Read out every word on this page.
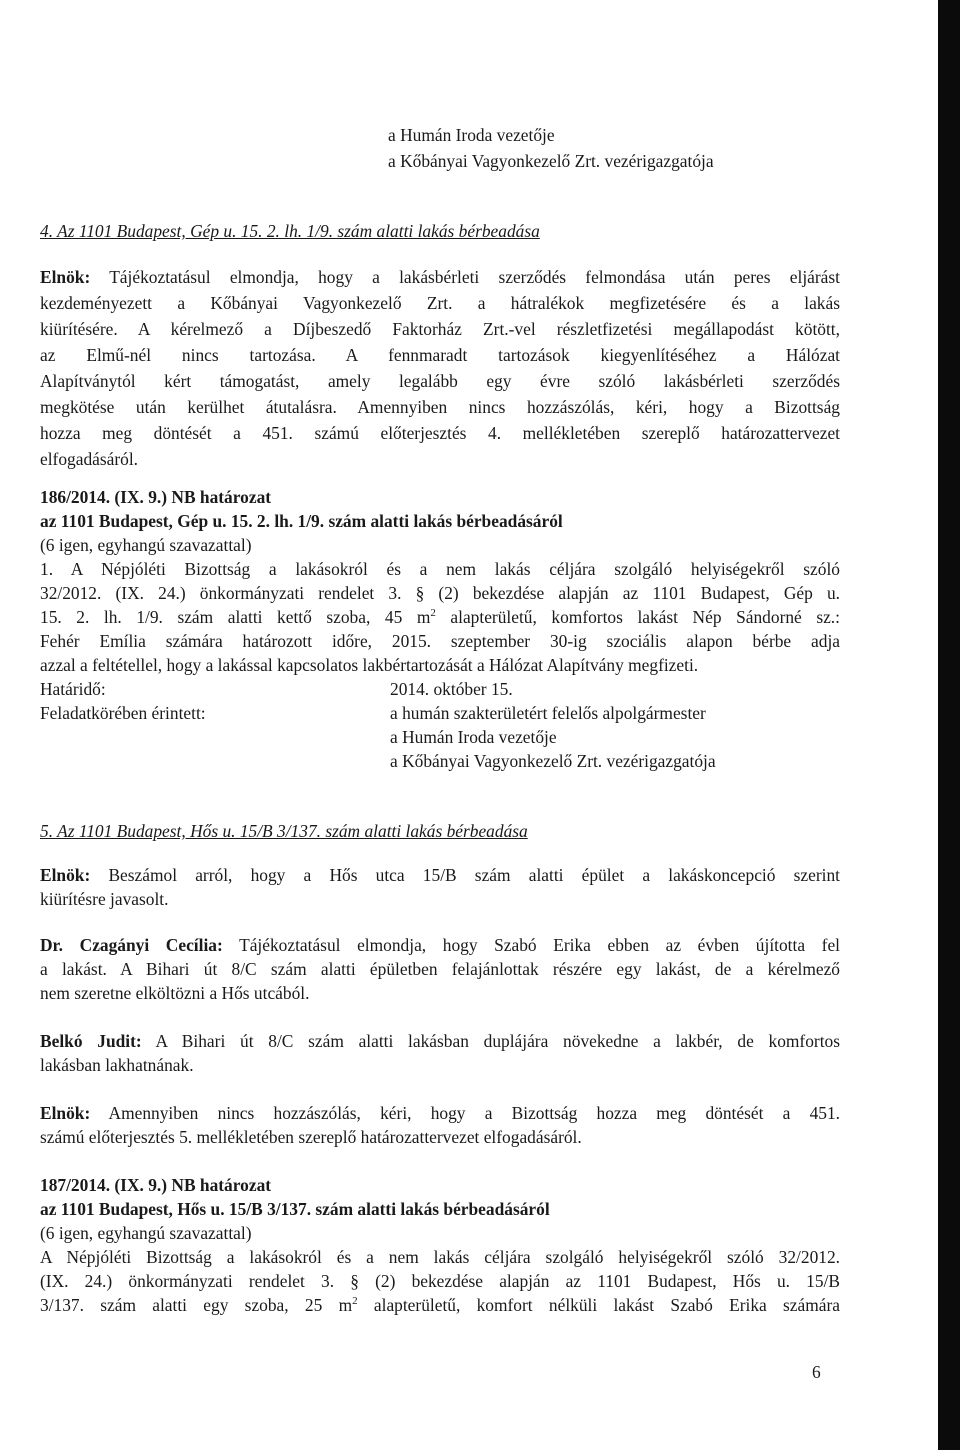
a Humán Iroda vezetője
a Kőbányai Vagyonkezelő Zrt. vezérigazgatója
4. Az 1101 Budapest, Gép u. 15. 2. lh. 1/9. szám alatti lakás bérbeadása
Elnök: Tájékoztatásul elmondja, hogy a lakásbérleti szerződés felmondása után peres eljárást
kezdeményezett a Kőbányai Vagyonkezelő Zrt. a hátralékok megfizetésére és a lakás
kiürítésére. A kérelmező a Díjbeszedő Faktorház Zrt.-vel részletfizetési megállapodást kötött,
az Elmű-nél nincs tartozása. A fennmaradt tartozások kiegyenlítéséhez a Hálózat
Alapítványtól kért támogatást, amely legalább egy évre szóló lakásbérleti szerződés
megkötése után kerülhet átutalásra. Amennyiben nincs hozzászólás, kéri, hogy a Bizottság
hozza meg döntését a 451. számú előterjesztés 4. mellékletében szereplő határozattervezet
elfogadásáról.
186/2014. (IX. 9.) NB határozat
az 1101 Budapest, Gép u. 15. 2. lh. 1/9. szám alatti lakás bérbeadásáról
(6 igen, egyhangú szavazattal)
1. A Népjóléti Bizottság a lakásokról és a nem lakás céljára szolgáló helyiségekről szóló
32/2012. (IX. 24.) önkormányzati rendelet 3. § (2) bekezdése alapján az 1101 Budapest, Gép u.
15. 2. lh. 1/9. szám alatti kettő szoba, 45 $m^2$ alapterületű, komfortos lakást Nép Sándorné sz.:
Fehér Emília számára határozott időre, 2015. szeptember 30-ig szociális alapon bérbe adja
azzal a feltétellel, hogy a lakással kapcsolatos lakbértartozását a Hálózat Alapítvány megfizeti.
Határidő:	2014. október 15.
Feladatkörében érintett:	a humán szakterületért felelős alpolgármester
a Humán Iroda vezetője
a Kőbányai Vagyonkezelő Zrt. vezérigazgatója
5. Az 1101 Budapest, Hős u. 15/B 3/137. szám alatti lakás bérbeadása
Elnök: Beszámol arról, hogy a Hős utca 15/B szám alatti épület a lakáskoncepció szerint
kiürítésre javasolt.
Dr. Czagányi Cecília: Tájékoztatásul elmondja, hogy Szabó Erika ebben az évben újította fel
a lakást. A Bihari út 8/C szám alatti épületben felajánlottak részére egy lakást, de a kérelmező
nem szeretne elköltözni a Hős utcából.
Belkó Judit: A Bihari út 8/C szám alatti lakásban duplájára növekedne a lakbér, de komfortos
lakásban lakhatnának.
Elnök: Amennyiben nincs hozzászólás, kéri, hogy a Bizottság hozza meg döntését a 451.
számú előterjesztés 5. mellékletében szereplő határozattervezet elfogadásáról.
187/2014. (IX. 9.) NB határozat
az 1101 Budapest, Hős u. 15/B 3/137. szám alatti lakás bérbeadásáról
(6 igen, egyhangú szavazattal)
A Népjóléti Bizottság a lakásokról és a nem lakás céljára szolgáló helyiségekről szóló 32/2012.
(IX. 24.) önkormányzati rendelet 3. § (2) bekezdése alapján az 1101 Budapest, Hős u. 15/B
3/137. szám alatti egy szoba, 25 $m^2$ alapterületű, komfort nélküli lakást Szabó Erika számára
6
